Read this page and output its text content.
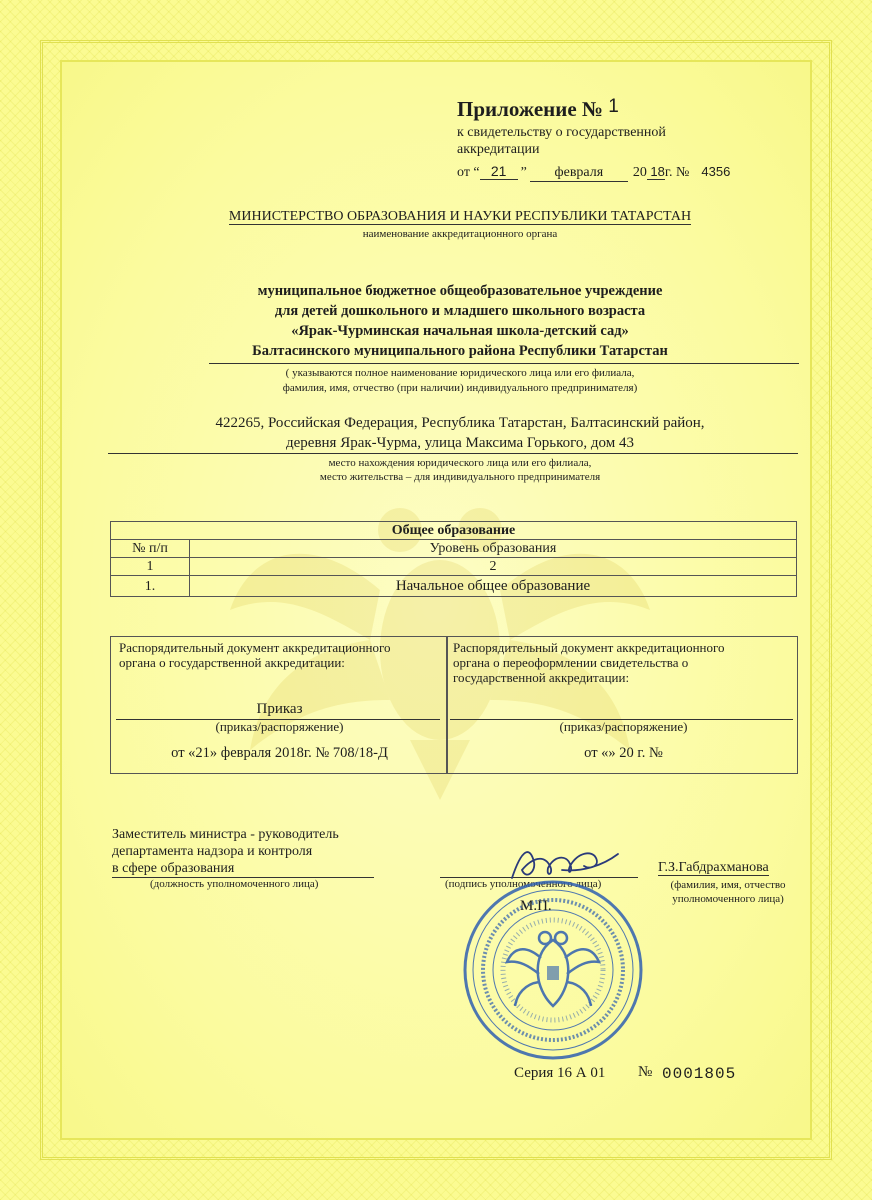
Приложение № 1
к свидетельству о государственной
аккредитации
от “ 21 ” февраля 20 18г. № 4356
МИНИСТЕРСТВО ОБРАЗОВАНИЯ И НАУКИ РЕСПУБЛИКИ ТАТАРСТАН
наименование аккредитационного органа
муниципальное бюджетное общеобразовательное учреждение
для детей дошкольного и младшего школьного возраста
«Ярак-Чурминская начальная школа-детский сад»
Балтасинского муниципального района Республики Татарстан
( указываются полное наименование юридического лица или его филиала,
фамилия, имя, отчество (при наличии) индивидуального предпринимателя)
422265, Российская Федерация, Республика Татарстан, Балтасинский район,
деревня Ярак-Чурма, улица Максима Горького, дом 43
место нахождения юридического лица или его филиала,
место жительства – для индивидуального предпринимателя
Общее образование	
№ п/п	Уровень образования
1	2
1.	Начальное общее образование
Распорядительный документ аккредитационного
органа о государственной аккредитации:
Приказ
(приказ/распоряжение)
от «21» февраля 2018г. № 708/18-Д
Распорядительный документ аккредитационного
органа о переоформлении свидетельства о
государственной аккредитации:
(приказ/распоряжение)
от «» 20 г. №
Заместитель министра - руководитель
департамента надзора и контроля
в сфере образования
(должность уполномоченного лица)	(подпись уполномоченного лица)
Г.З.Габдрахманова
(фамилия, имя, отчество
уполномоченного лица)
М.П.
Серия 16 А 01 № 0001805
